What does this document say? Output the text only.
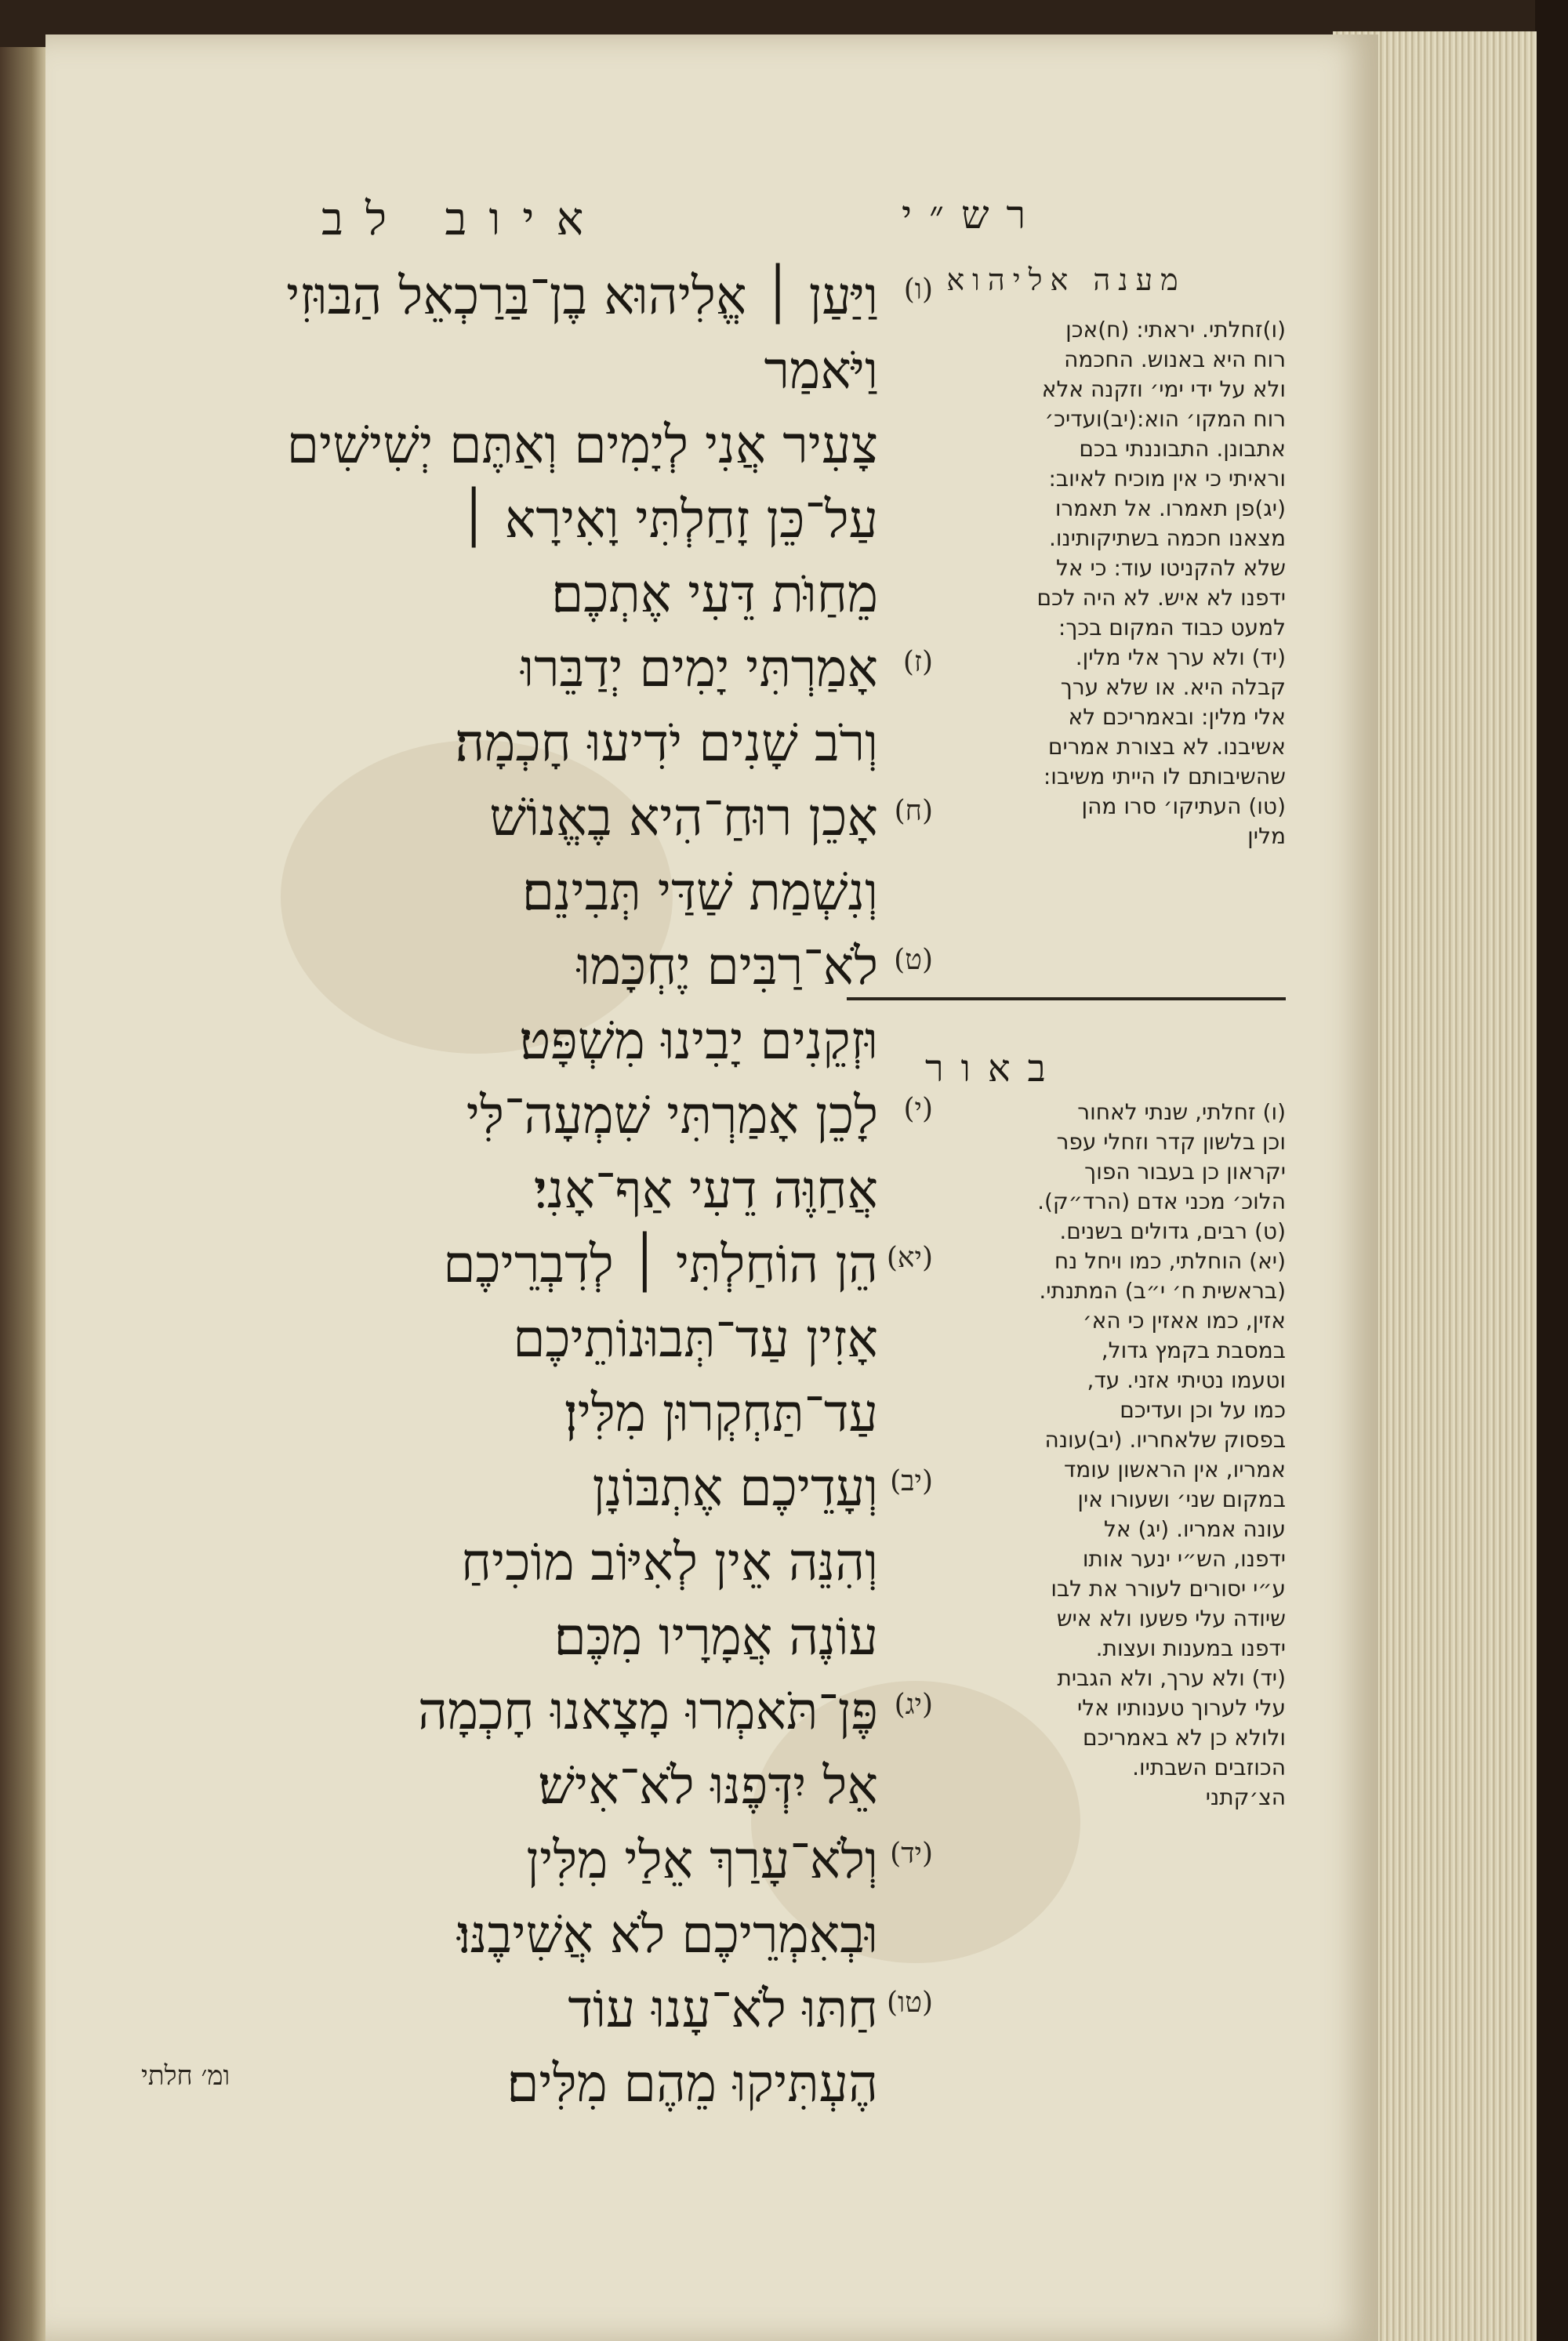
רש״י
איוב לב
(ו)
וַיַּעַן ׀ אֱלִיהוּא בֶן־בַּרַכְאֵל הַבּוּזִי
וַיֹּאמַר
צָעִיר אֲנִי לְיָמִים וְאַתֶּם יְשִׁישִׁים
עַל־כֵּן זָחַלְתִּי וָאִירָא ׀
מֵחַוֺּת דֵּעִי אֶתְכֶם׃
(ז)
אָמַרְתִּי יָמִים יְדַבֵּרוּ
וְרֹב שָׁנִים יֹדִיעוּ חָכְמָה׃
(ח)
אָכֵן רוּחַ־הִיא בֶאֱנוֹשׁ
וְנִשְׁמַת שַׁדַּי תְּבִינֵם׃
(ט)
לֹא־רַבִּים יֶחְכָּמוּ
וּזְקֵנִים יָבִינוּ מִשְׁפָּט׃
(י)
לָכֵן אָמַרְתִּי שִׁמְעָה־לִּי
אֲחַוֶּה דֵעִי אַף־אָנִי׃
(יא)
הֵן הוֹחַלְתִּי ׀ לְדִבְרֵיכֶם
אָזִין עַד־תְּבוּנוֹתֵיכֶם
עַד־תַּחְקְרוּן מִלִּין׃
(יב)
וְעָדֵיכֶם אֶתְבּוֹנָן
וְהִנֵּה אֵין לְאִיּוֹב מוֹכִיחַ
עוֹנֶה אֲמָרָיו מִכֶּם׃
(יג)
פֶּן־תֹּאמְרוּ מָצָאנוּ חָכְמָה
אֵל יִדְּפֶנּוּ לֹא־אִישׁ׃
(יד)
וְלֹא־עָרַךְ אֵלַי מִלִּין
וּבְאִמְרֵיכֶם לֹא אֲשִׁיבֶנּוּ׃
(טו)
חַתּוּ לֹא־עָנוּ עוֹד
הֶעְתִּיקוּ מֵהֶם מִלִּים׃
מענה אליהוא
(ו)זחלתי. יראתי: (ח)אכן
רוח היא באנוש. החכמה
ולא על ידי ימי׳ וזקנה אלא
רוח המקו׳ הוא:(יב)ועדיכ׳
אתבונן. התבוננתי בכם
וראיתי כי אין מוכיח לאיוב:
(יג)פן תאמרו. אל תאמרו
מצאנו חכמה בשתיקותינו.
שלא להקניטו עוד: כי אל
ידפנו לא איש. לא היה לכם
למעט כבוד המקום בכך:
(יד) ולא ערך אלי מלין.
קבלה היא. או שלא ערך
אלי מלין: ובאמריכם לא
אשיבנו. לא בצורת אמרים
שהשיבותם לו הייתי משיבו:
(טו) העתיקו׳ סרו מהן
מלין
באור
(ו) זחלתי, שנתי לאחור
וכן בלשון קדר וזחלי עפר
יקראון כן בעבור הפוך
הלוכ׳ מכני אדם (הרד״ק).
(ט) רבים, גדולים בשנים.
(יא) הוחלתי, כמו ויחל נח
(בראשית ח׳ י״ב) המתנתי.
אזין, כמו אאזין כי הא׳
במסבת בקמץ גדול,
וטעמו נטיתי אזני. עד,
כמו על וכן ועדיכם
בפסוק שלאחריו. (יב)עונה
אמריו, אין הראשון עומד
במקום שני׳ ושעורו אין
עונה אמריו. (יג) אל
ידפנו, הש״י ינער אותו
ע״י יסורים לעורר את לבו
שיודה עלי פשעו ולא איש
ידפנו במענות ועצות.
(יד) ולא ערך, ולא הגבית
עלי לערוך טענותיו אלי
ולולא כן לא באמריכם
הכוזבים השבתיו.
הצ׳קתני
ומ׳ חלתי
